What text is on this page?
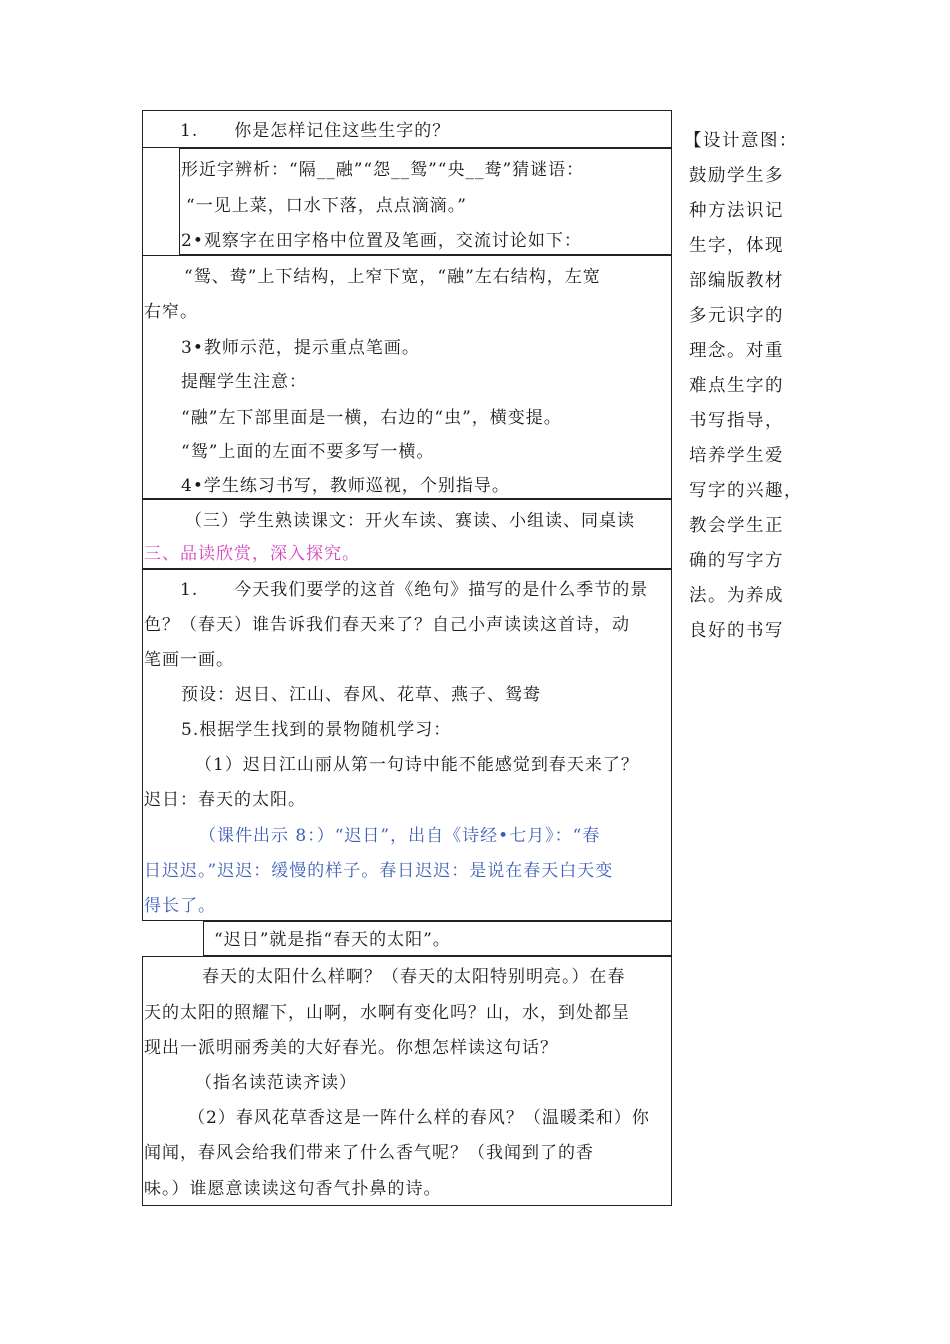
1.　　你是怎样记住这些生字的？
形近字辨析：“隔__融”“怨__鸳”“央__鸯”猜谜语：
“一见上菜，口水下落，点点滴滴。”
2•观察字在田字格中位置及笔画，交流讨论如下：
“鸳、鸯”上下结构，上窄下宽，“融”左右结构，左宽
右窄。
3•教师示范，提示重点笔画。
提醒学生注意：
“融”左下部里面是一横，右边的“虫”，横变提。
“鸳”上面的左面不要多写一横。
4•学生练习书写，教师巡视，个别指导。
（三）学生熟读课文：开火车读、赛读、小组读、同桌读
三、品读欣赏，深入探究。
1.　　今天我们要学的这首《绝句》描写的是什么季节的景
色？（春天）谁告诉我们春天来了？自己小声读读这首诗，动
笔画一画。
预设：迟日、江山、春风、花草、燕子、鸳鸯
5.根据学生找到的景物随机学习：
（1）迟日江山丽从第一句诗中能不能感觉到春天来了？
迟日：春天的太阳。
（课件出示 8：）“迟日”，出自《诗经•七月》：“春
日迟迟。”迟迟：缓慢的样子。春日迟迟：是说在春天白天变
得长了。
“迟日”就是指“春天的太阳”。
春天的太阳什么样啊？（春天的太阳特别明亮。）在春
天的太阳的照耀下，山啊，水啊有变化吗？山，水，到处都呈
现出一派明丽秀美的大好春光。你想怎样读这句话？
（指名读范读齐读）
（2）春风花草香这是一阵什么样的春风？（温暖柔和）你
闻闻，春风会给我们带来了什么香气呢？（我闻到了的香
味。）谁愿意读读这句香气扑鼻的诗。
【设计意图：
鼓励学生多
种方法识记
生字，体现
部编版教材
多元识字的
理念。对重
难点生字的
书写指导，
培养学生爱
写字的兴趣，
教会学生正
确的写字方
法。为养成
良好的书写
